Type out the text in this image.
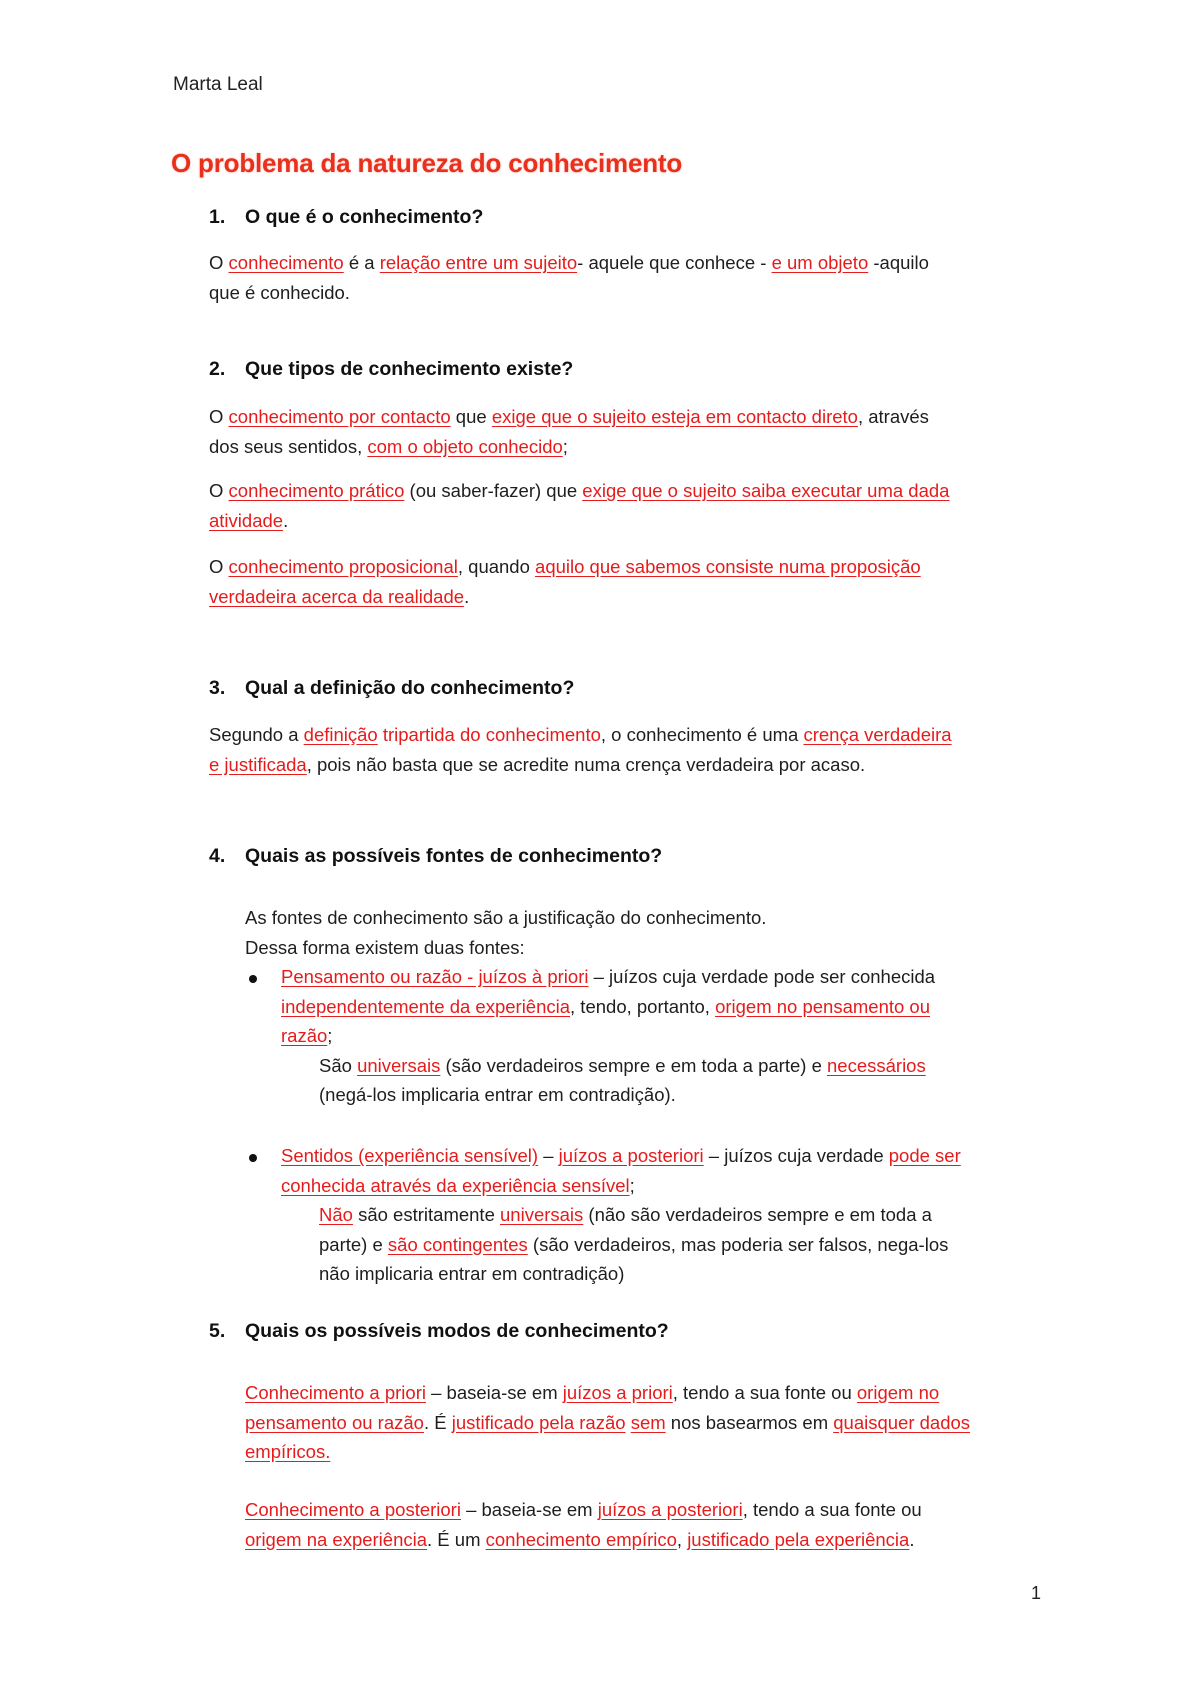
Marta Leal
O problema da natureza do conhecimento
1. O que é o conhecimento?
O conhecimento é a relação entre um sujeito- aquele que conhece - e um objeto -aquilo
que é conhecido.
2. Que tipos de conhecimento existe?
O conhecimento por contacto que exige que o sujeito esteja em contacto direto, através
dos seus sentidos, com o objeto conhecido;
O conhecimento prático (ou saber-fazer) que exige que o sujeito saiba executar uma dada
atividade.
O conhecimento proposicional, quando aquilo que sabemos consiste numa proposição
verdadeira acerca da realidade.
3. Qual a definição do conhecimento?
Segundo a definição tripartida do conhecimento, o conhecimento é uma crença verdadeira
e justificada, pois não basta que se acredite numa crença verdadeira por acaso.
4. Quais as possíveis fontes de conhecimento?
As fontes de conhecimento são a justificação do conhecimento.
Dessa forma existem duas fontes:
Pensamento ou razão - juízos à priori – juízos cuja verdade pode ser conhecida
independentemente da experiência, tendo, portanto, origem no pensamento ou
razão;
São universais (são verdadeiros sempre e em toda a parte) e necessários
(negá-los implicaria entrar em contradição).
Sentidos (experiência sensível) – juízos a posteriori – juízos cuja verdade pode ser
conhecida através da experiência sensível;
Não são estritamente universais (não são verdadeiros sempre e em toda a
parte) e são contingentes (são verdadeiros, mas poderia ser falsos, nega-los
não implicaria entrar em contradição)
5. Quais os possíveis modos de conhecimento?
Conhecimento a priori – baseia-se em juízos a priori, tendo a sua fonte ou origem no
pensamento ou razão. É justificado pela razão sem nos basearmos em quaisquer dados
empíricos.
Conhecimento a posteriori – baseia-se em juízos a posteriori, tendo a sua fonte ou
origem na experiência. É um conhecimento empírico, justificado pela experiência.
1
